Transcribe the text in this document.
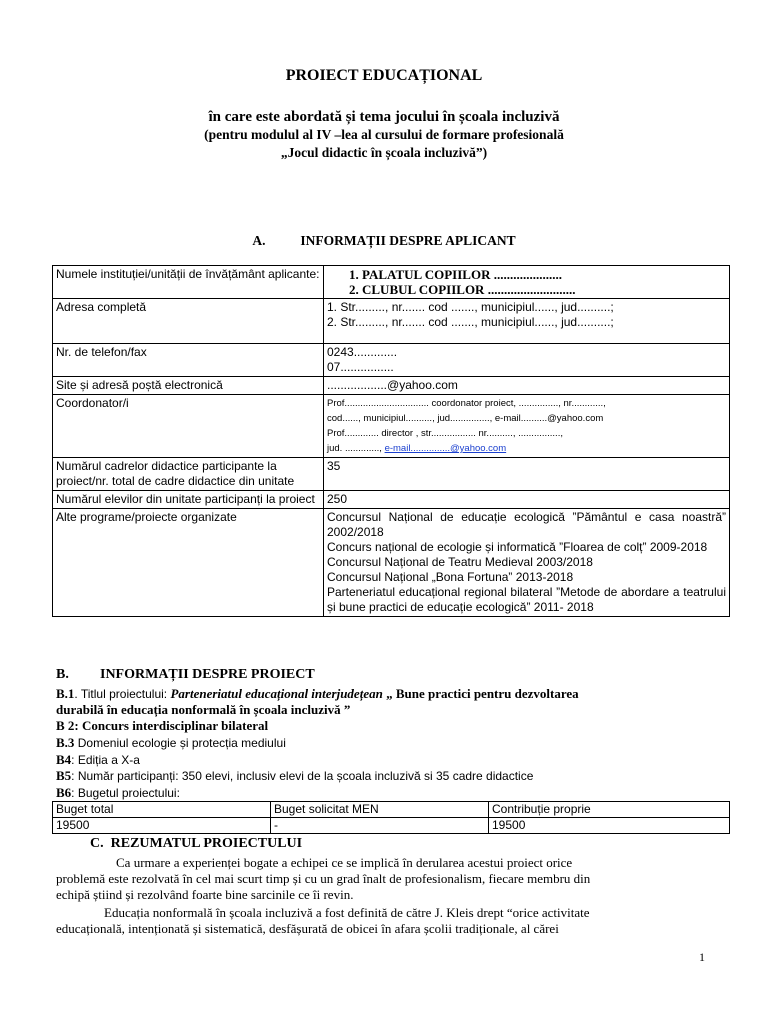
PROIECT EDUCAȚIONAL
în care este abordată și tema jocului în școala incluzivă
(pentru modulul al IV –lea al cursului de formare profesională
„Jocul didactic în școala incluzivă”)
A.	INFORMAȚII DESPRE APLICANT
Numele instituției/unității de învățământ aplicante:	1. PALATUL COPIILOR .....................
2. CLUBUL COPIILOR ...........................

Adresa completă	1. Str........., nr....... cod ......., municipiul......, jud..........;
2. Str........., nr....... cod ......., municipiul......, jud..........;

Nr. de telefon/fax	0243.............
07................

Site și adresă poștă electronică	..................@yahoo.com
Coordonator/i	Prof................................ coordonator proiect, ..............., nr............,
cod......, municipiul.........., jud..............., e-mail..........@yahoo.com
Prof............. director , str................. nr.........., ................,
jud. ............., e-mail...............@yahoo.com

Numărul cadrelor didactice participante la proiect/nr. total de cadre didactice din unitate	35
Numărul elevilor din unitate participanți la proiect	250
Alte programe/proiecte organizate	Concursul Național de educație ecologică ”Pământul e casa noastră” 2002/2018
Concurs național de ecologie și informatică ”Floarea de colț” 2009-2018
Concursul Național de Teatru Medieval 2003/2018
Concursul Național „Bona Fortuna” 2013-2018
Parteneriatul educațional regional bilateral ”Metode de abordare a teatrului și bune practici de educație ecologică” 2011- 2018
B. INFORMAȚII DESPRE PROIECT
B.1. Titlul proiectului: Parteneriatul educațional interjudețean „ Bune practici pentru dezvoltarea
durabilă în educația nonformală în școala incluzivă ”
B 2: Concurs interdisciplinar bilateral
B.3 Domeniul ecologie și protecția mediului
B4: Ediția a X-a
B5: Număr participanți: 350 elevi, inclusiv elevi de la școala incluzivă si 35 cadre didactice
B6: Bugetul proiectului:
Buget total	Buget solicitat MEN	Contribuție proprie
19500	-	19500
C. REZUMATUL PROIECTULUI
Ca urmare a experienței bogate a echipei ce se implică în derularea acestui proiect orice
problemă este rezolvată în cel mai scurt timp și cu un grad înalt de profesionalism, fiecare membru din
echipă știind și rezolvând foarte bine sarcinile ce îi revin.
Educația nonformală în școala incluzivă a fost definită de către J. Kleis drept “orice activitate
educațională, intenționată și sistematică, desfășurată de obicei în afara școlii tradiționale, al cărei
1
